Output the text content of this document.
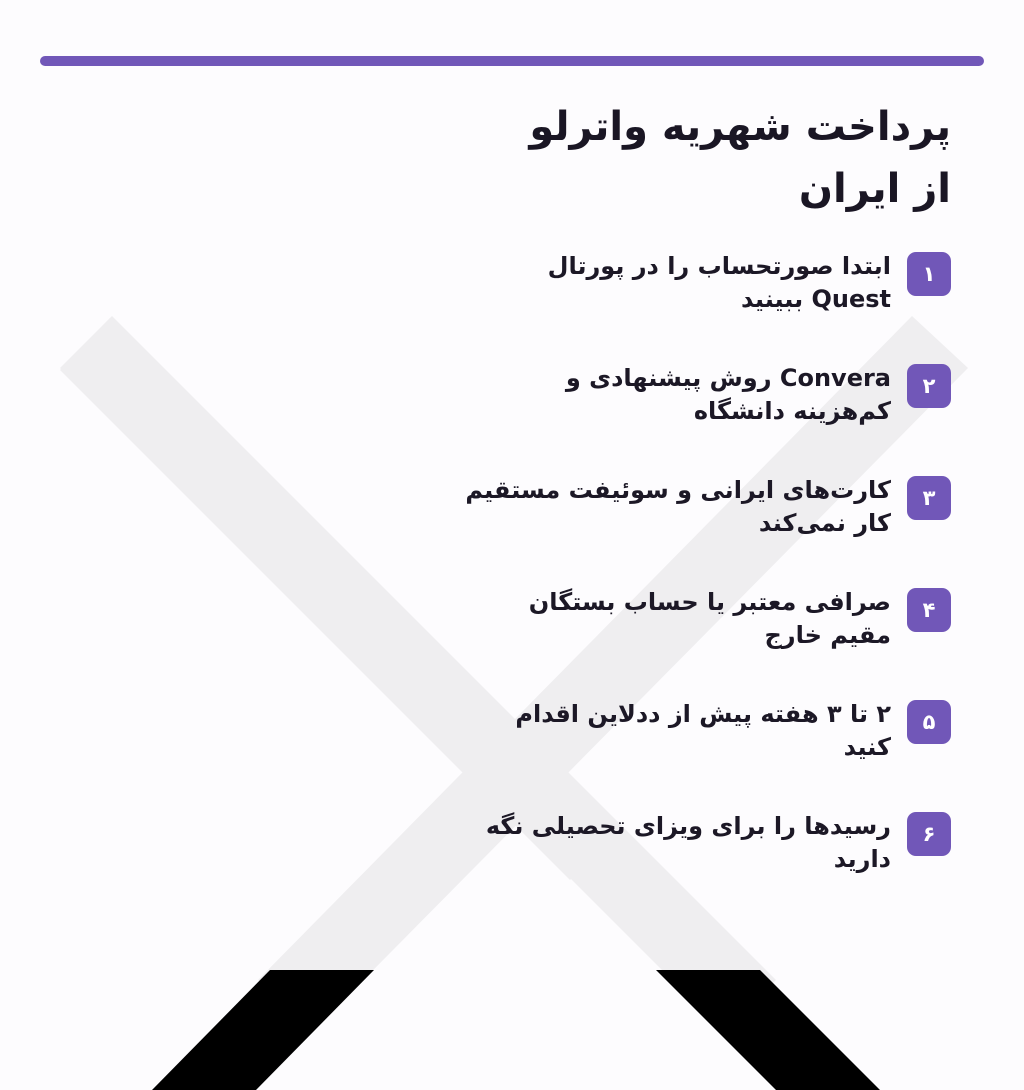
پرداخت شهریه واترلو از ایران
۱
ابتدا صورتحساب را در پورتال Quest ببینید
۲
Convera روش پیشنهادی و کم‌هزینه دانشگاه
۳
کارت‌های ایرانی و سوئیفت مستقیم کار نمی‌کند
۴
صرافی معتبر یا حساب بستگان مقیم خارج
۵
۲ تا ۳ هفته پیش از ددلاین اقدام کنید
۶
رسیدها را برای ویزای تحصیلی نگه دارید
